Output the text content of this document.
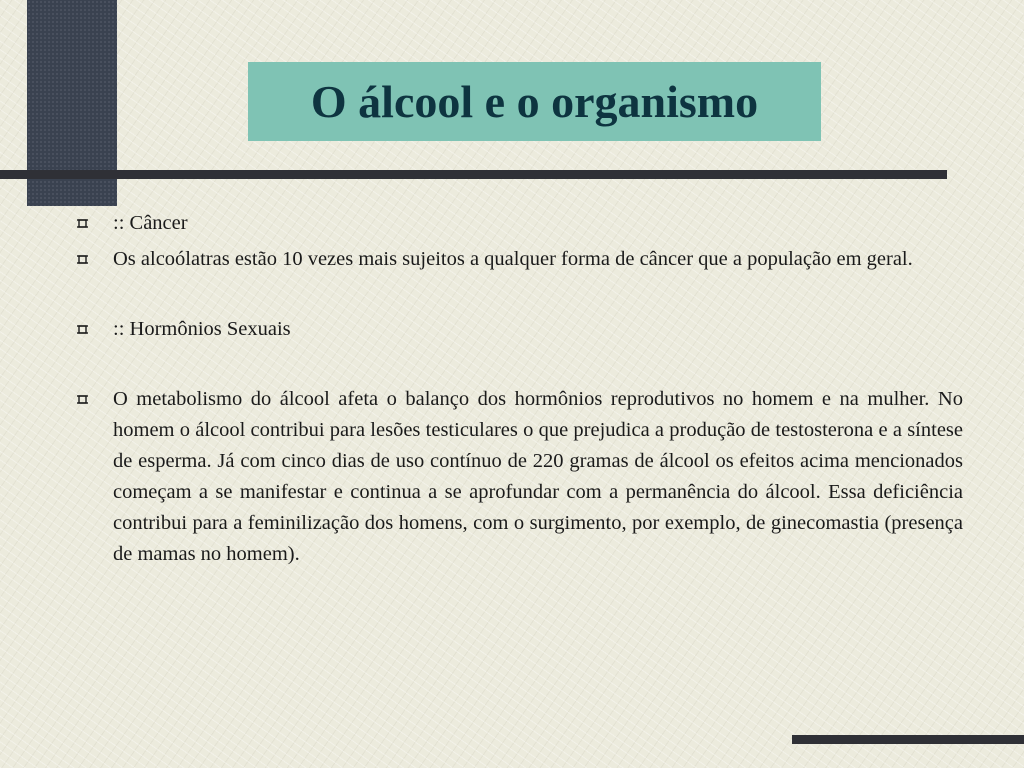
O álcool e o organismo
:: Câncer
Os alcoólatras estão 10 vezes mais sujeitos a qualquer forma de câncer que a população em geral.
:: Hormônios Sexuais
O metabolismo do álcool afeta o balanço dos hormônios reprodutivos no homem e na mulher. No homem o álcool contribui para lesões testiculares o que prejudica a produção de testosterona e a síntese de esperma. Já com cinco dias de uso contínuo de 220 gramas de álcool os efeitos acima mencionados começam a se manifestar e continua a se aprofundar com a permanência do álcool. Essa deficiência contribui para a feminilização dos homens, com o surgimento, por exemplo, de ginecomastia (presença de mamas no homem).
